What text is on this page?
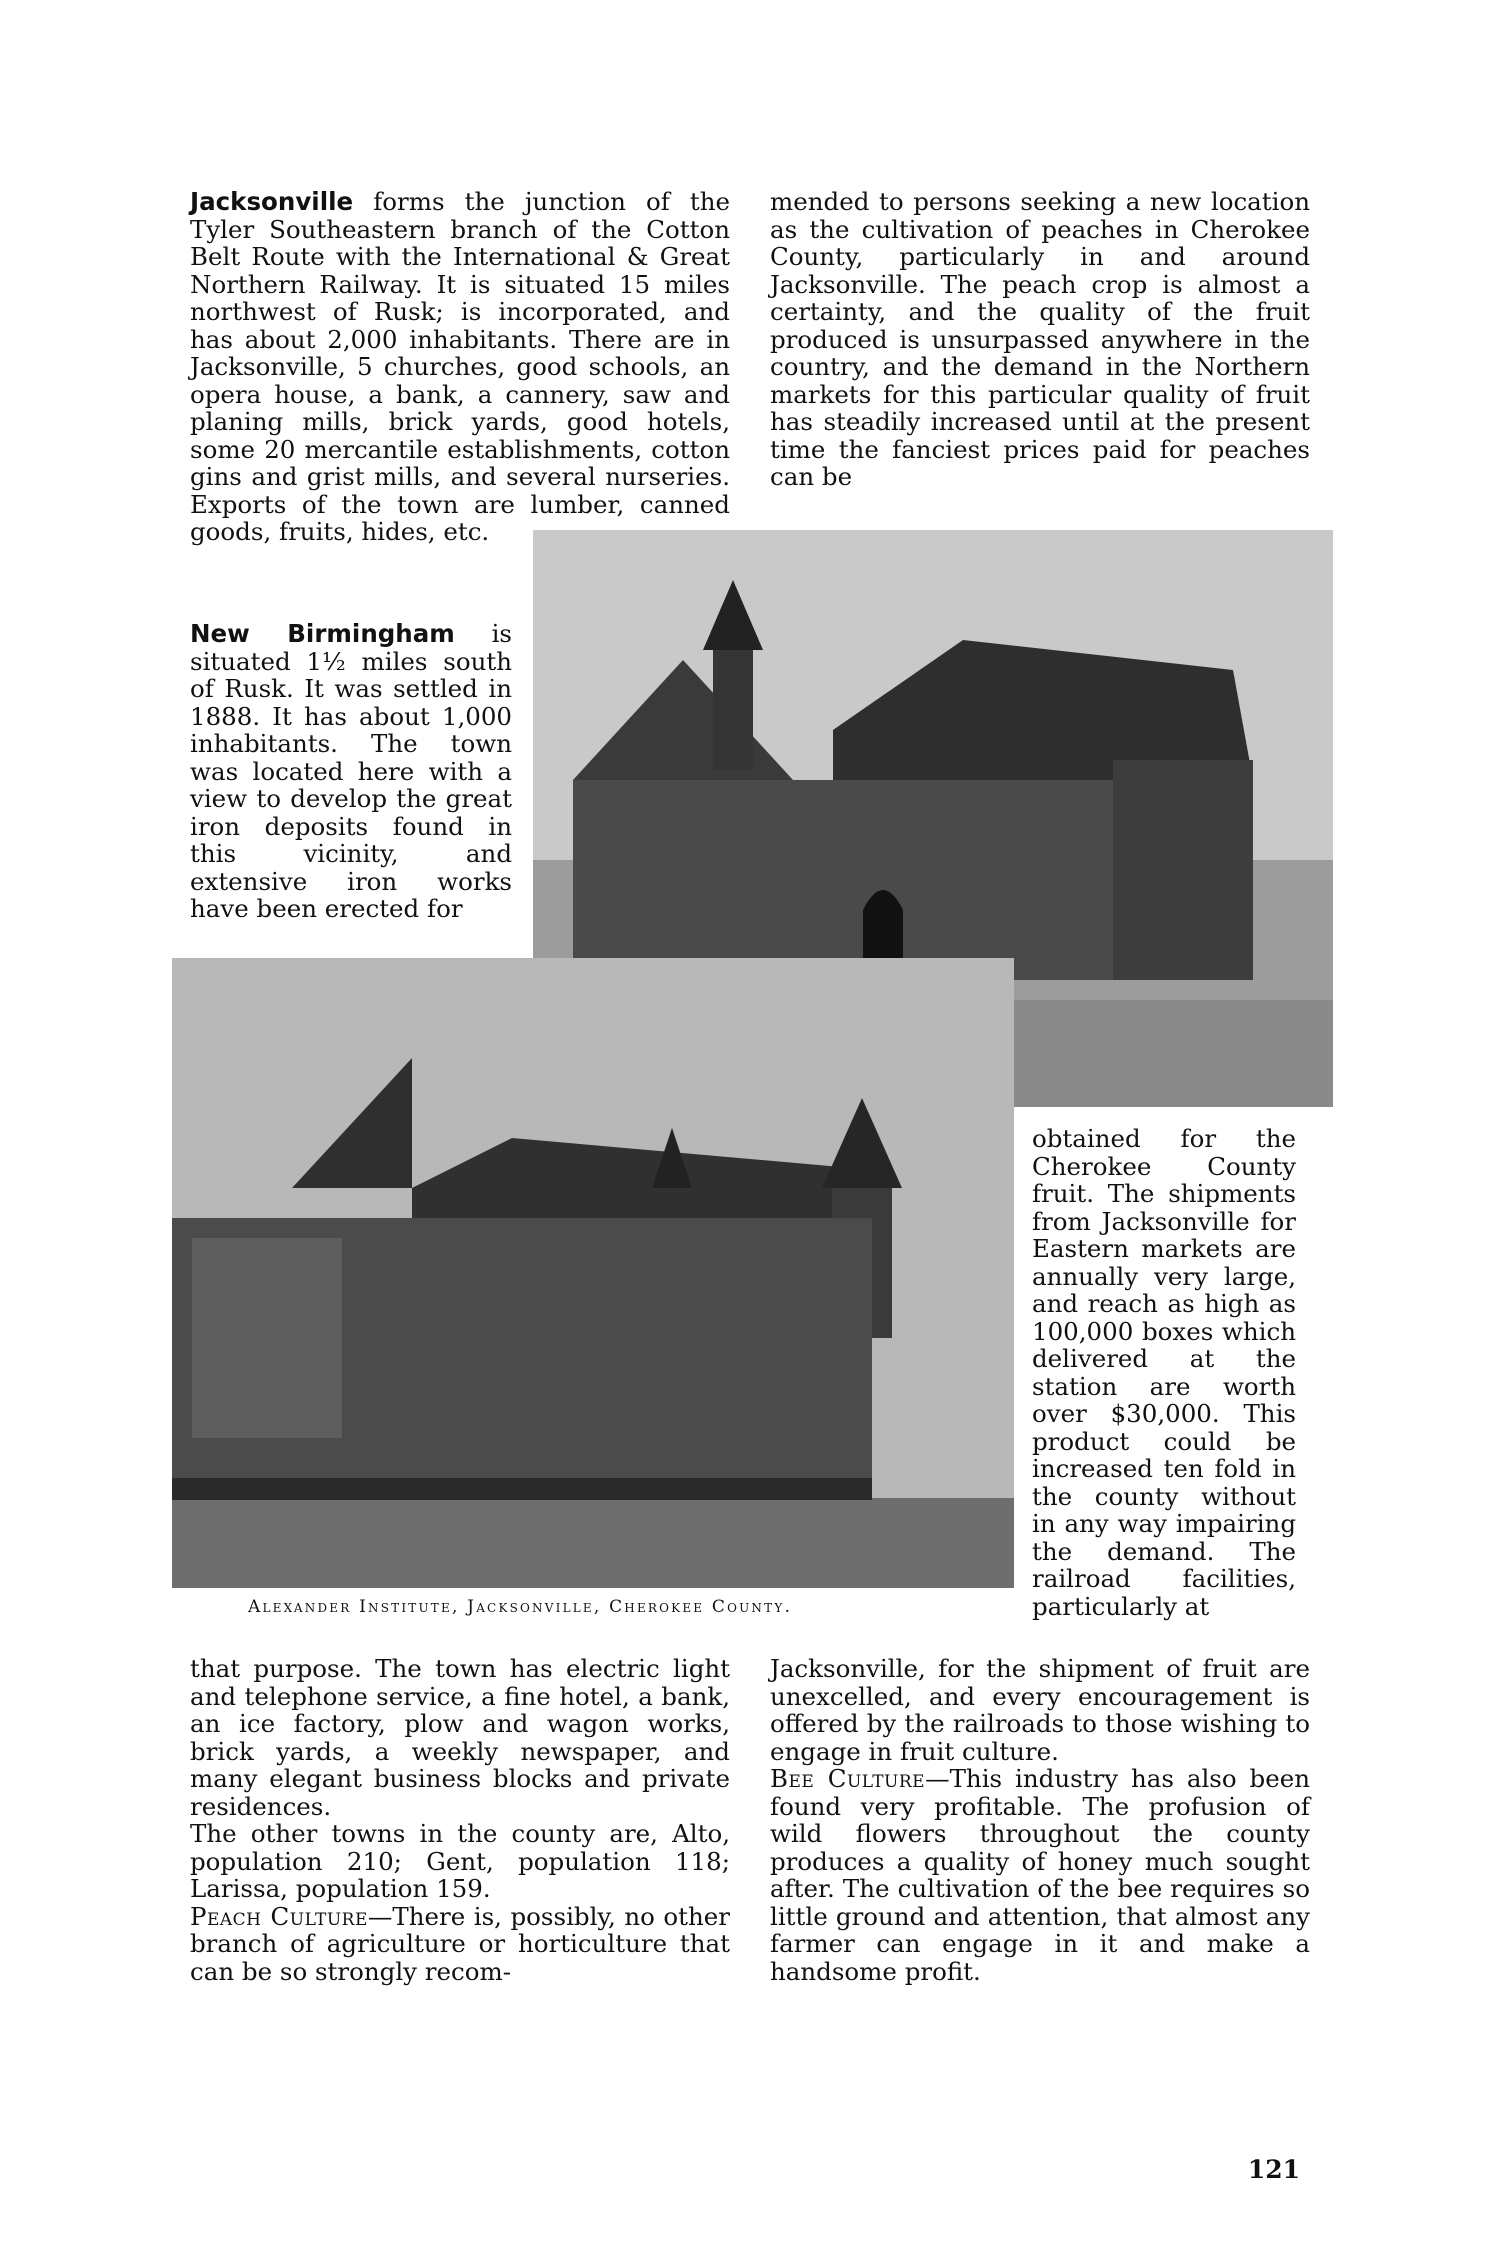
Jacksonville forms the junction of the Tyler Southeastern branch of the Cotton Belt Route with the International & Great Northern Railway. It is situated 15 miles northwest of Rusk; is incorporated, and has about 2,000 inhabitants. There are in Jacksonville, 5 churches, good schools, an opera house, a bank, a cannery, saw and planing mills, brick yards, good hotels, some 20 mercantile establishments, cotton gins and grist mills, and several nurseries. Exports of the town are lumber, canned goods, fruits, hides, etc.

New Birmingham is situated 1½ miles south of Rusk. It was settled in 1888. It has about 1,000 inhabitants. The town was located here with a view to develop the great iron deposits found in this vicinity, and extensive iron works have been erected for

mended to persons seeking a new location as the cultivation of peaches in Cherokee County, particularly in and around Jacksonville. The peach crop is almost a certainty, and the quality of the fruit produced is unsurpassed anywhere in the country, and the demand in the Northern markets for this particular quality of fruit has steadily increased until at the present time the fanciest prices paid for peaches can be

Alexander Institute, Jacksonville, Cherokee County.

obtained for the Cherokee County fruit. The shipments from Jacksonville for Eastern markets are annually very large, and reach as high as 100,000 boxes which delivered at the station are worth over $30,000. This product could be increased ten fold in the county without in any way impairing the demand. The railroad facilities, particularly at

that purpose. The town has electric light and telephone service, a fine hotel, a bank, an ice factory, plow and wagon works, brick yards, a weekly newspaper, and many elegant business blocks and private residences.

The other towns in the county are, Alto, population 210; Gent, population 118; Larissa, population 159.

Peach Culture—There is, possibly, no other branch of agriculture or horticulture that can be so strongly recom-

Jacksonville, for the shipment of fruit are unexcelled, and every encouragement is offered by the railroads to those wishing to engage in fruit culture.

Bee Culture—This industry has also been found very profitable. The profusion of wild flowers throughout the county produces a quality of honey much sought after. The cultivation of the bee requires so little ground and attention, that almost any farmer can engage in it and make a handsome profit.

121
